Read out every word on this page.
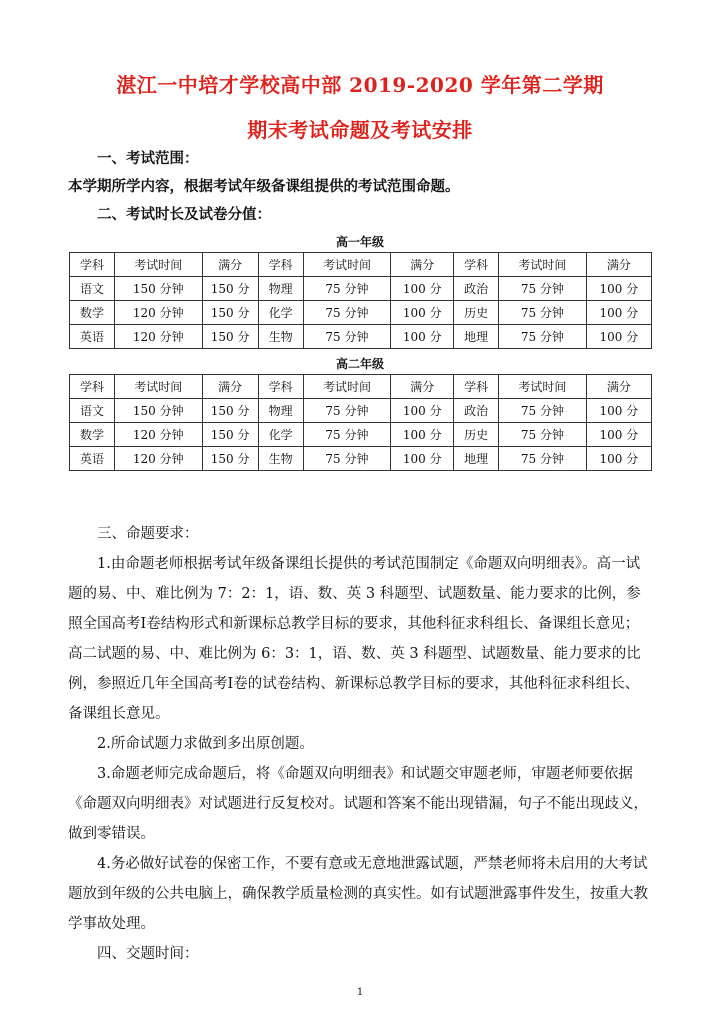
湛江一中培才学校高中部 2019-2020 学年第二学期
期末考试命题及考试安排
一、考试范围：
本学期所学内容，根据考试年级备课组提供的考试范围命题。
二、考试时长及试卷分值：
高一年级
学科	考试时间	满分	学科	考试时间	满分	学科	考试时间	满分
语文	150 分钟	150 分	物理	75 分钟	100 分	政治	75 分钟	100 分
数学	120 分钟	150 分	化学	75 分钟	100 分	历史	75 分钟	100 分
英语	120 分钟	150 分	生物	75 分钟	100 分	地理	75 分钟	100 分
高二年级
学科	考试时间	满分	学科	考试时间	满分	学科	考试时间	满分
语文	150 分钟	150 分	物理	75 分钟	100 分	政治	75 分钟	100 分
数学	120 分钟	150 分	化学	75 分钟	100 分	历史	75 分钟	100 分
英语	120 分钟	150 分	生物	75 分钟	100 分	地理	75 分钟	100 分

三、命题要求：

1.由命题老师根据考试年级备课组长提供的考试范围制定《命题双向明细表》。高一试题的易、中、难比例为 7：2：1，语、数、英 3 科题型、试题数量、能力要求的比例，参照全国高考Ⅰ卷结构形式和新课标总教学目标的要求，其他科征求科组长、备课组长意见；高二试题的易、中、难比例为 6：3：1，语、数、英 3 科题型、试题数量、能力要求的比例，参照近几年全国高考Ⅰ卷的试卷结构、新课标总教学目标的要求，其他科征求科组长、备课组长意见。

2.所命试题力求做到多出原创题。

3.命题老师完成命题后，将《命题双向明细表》和试题交审题老师，审题老师要依据《命题双向明细表》对试题进行反复校对。试题和答案不能出现错漏，句子不能出现歧义，做到零错误。

4.务必做好试卷的保密工作，不要有意或无意地泄露试题，严禁老师将未启用的大考试题放到年级的公共电脑上，确保教学质量检测的真实性。如有试题泄露事件发生，按重大教学事故处理。

四、交题时间：

1
